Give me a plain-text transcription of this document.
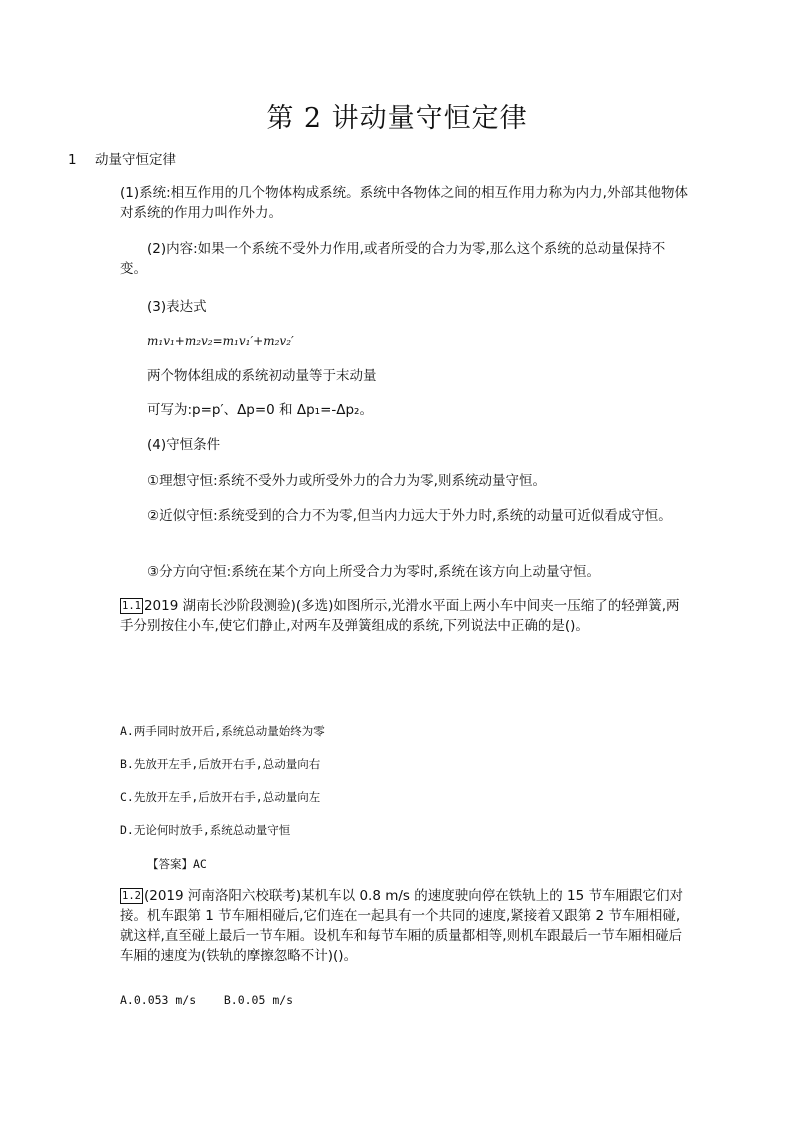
第 2 讲动量守恒定律
1 动量守恒定律
(1)系统:相互作用的几个物体构成系统。系统中各物体之间的相互作用力称为内力,外部其他物体对系统的作用力叫作外力。
(2)内容:如果一个系统不受外力作用,或者所受的合力为零,那么这个系统的总动量保持不变。
(3)表达式
m₁v₁+m₂v₂=m₁v₁′+m₂v₂′
两个物体组成的系统初动量等于末动量
可写为:p=p′、Δp=0 和 Δp₁=-Δp₂。
(4)守恒条件
①理想守恒:系统不受外力或所受外力的合力为零,则系统动量守恒。
②近似守恒:系统受到的合力不为零,但当内力远大于外力时,系统的动量可近似看成守恒。
③分方向守恒:系统在某个方向上所受合力为零时,系统在该方向上动量守恒。
1.1 2019 湖南长沙阶段测验)(多选)如图所示,光滑水平面上两小车中间夹一压缩了的轻弹簧,两手分别按住小车,使它们静止,对两车及弹簧组成的系统,下列说法中正确的是()。
A.两手同时放开后,系统总动量始终为零
B.先放开左手,后放开右手,总动量向右
C.先放开左手,后放开右手,总动量向左
D.无论何时放手,系统总动量守恒
【答案】AC
1.2 (2019 河南洛阳六校联考)某机车以 0.8 m/s 的速度驶向停在铁轨上的 15 节车厢跟它们对接。机车跟第 1 节车厢相碰后,它们连在一起具有一个共同的速度,紧接着又跟第 2 节车厢相碰,就这样,直至碰上最后一节车厢。设机车和每节车厢的质量都相等,则机车跟最后一节车厢相碰后车厢的速度为(铁轨的摩擦忽略不计)()。
A.0.053 m/s    B.0.05 m/s
